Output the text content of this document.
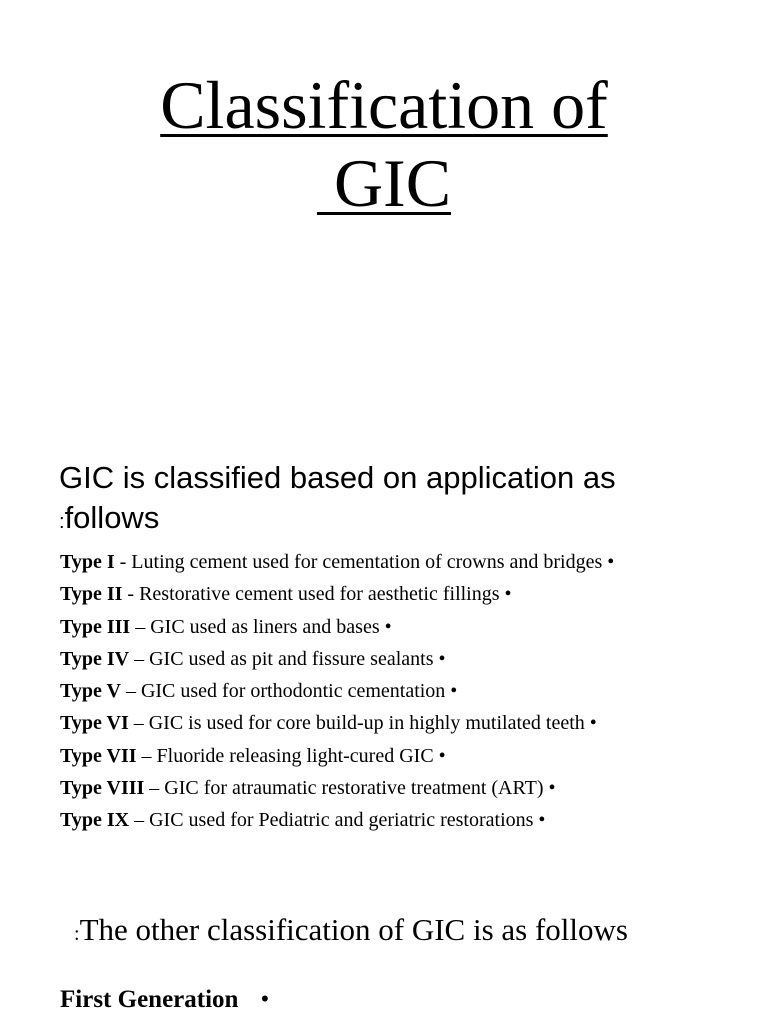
Classification of
GIC

GIC is classified based on application as
:follows

Type I - Luting cement used for cementation of crowns and bridges •
Type II - Restorative cement used for aesthetic fillings •
Type III – GIC used as liners and bases •
Type IV – GIC used as pit and fissure sealants •
Type V – GIC used for orthodontic cementation •
Type VI – GIC is used for core build-up in highly mutilated teeth •
Type VII – Fluoride releasing light-cured GIC •
Type VIII – GIC for atraumatic restorative treatment (ART) •
Type IX – GIC used for Pediatric and geriatric restorations •

:The other classification of GIC is as follows

First Generation •
